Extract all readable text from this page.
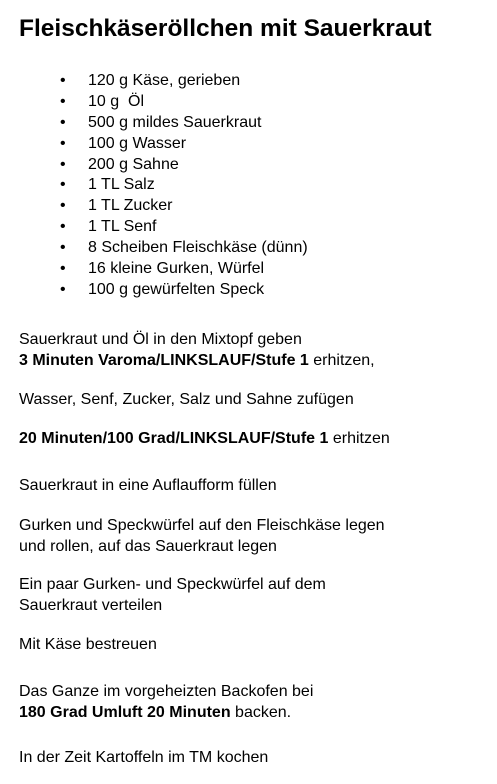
Fleischkäseröllchen mit Sauerkraut

•

120 g Käse, gerieben

•

10 g  Öl

•

500 g mildes Sauerkraut

•

100 g Wasser

•

200 g Sahne

•

1 TL Salz

•

1 TL Zucker

•

1 TL Senf

•

8 Scheiben Fleischkäse (dünn)

•

16 kleine Gurken, Würfel

•

100 g gewürfelten Speck

Sauerkraut und Öl in den Mixtopf geben

3 Minuten Varoma/LINKSLAUF/Stufe 1 erhitzen,

Wasser, Senf, Zucker, Salz und Sahne zufügen

20 Minuten/100 Grad/LINKSLAUF/Stufe 1 erhitzen

Sauerkraut in eine Auflaufform füllen

Gurken und Speckwürfel auf den Fleischkäse legen

und rollen, auf das Sauerkraut legen

Ein paar Gurken- und Speckwürfel auf dem

Sauerkraut verteilen

Mit Käse bestreuen

Das Ganze im vorgeheizten Backofen bei

180 Grad Umluft 20 Minuten backen.

In der Zeit Kartoffeln im TM kochen
